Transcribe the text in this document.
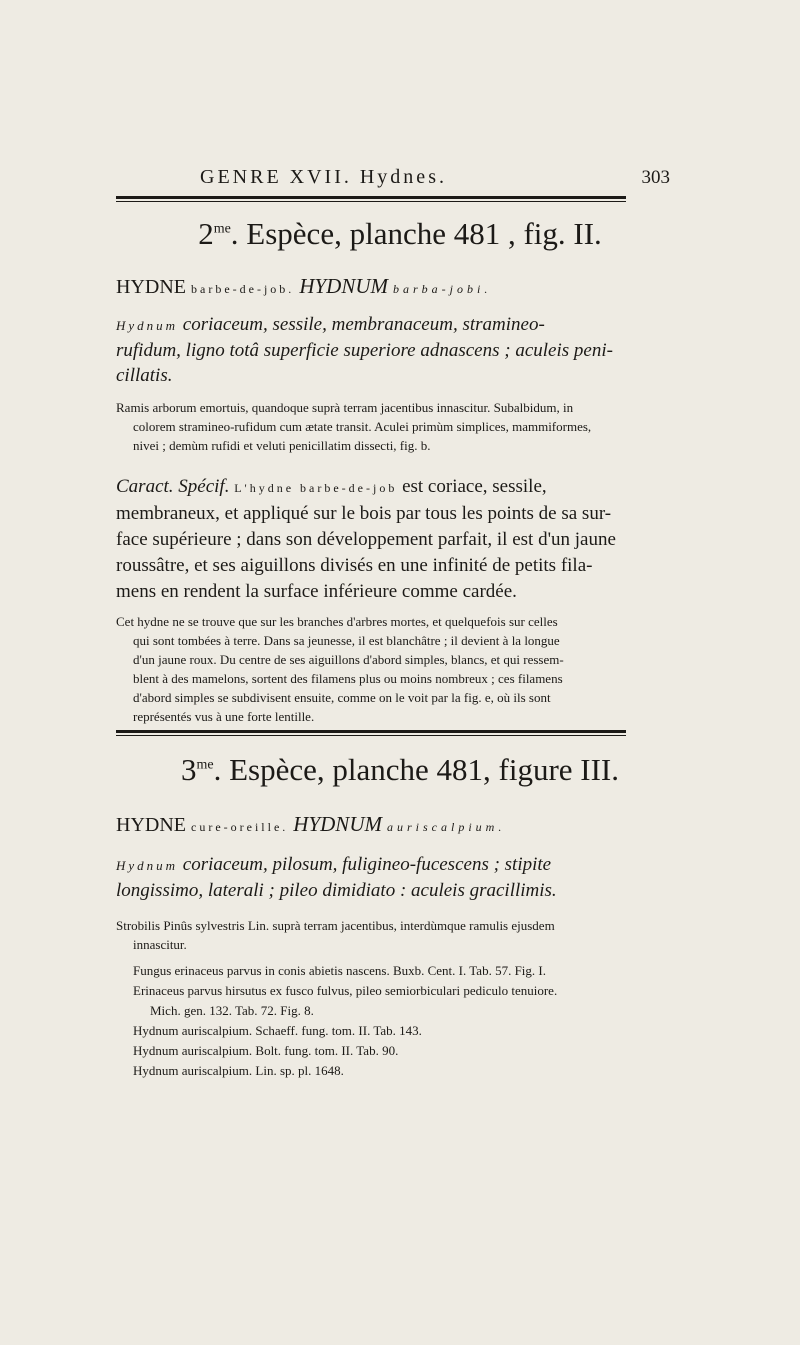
GENRE XVII. Hydnes.	303
$2^{me}$. Espèce, planche 481 , fig. II.
HYDNE barbe-de-job. HYDNUM barba-jobi.
Hydnum coriaceum, sessile, membranaceum, stramineo-
rufidum, ligno totâ superficie superiore adnascens ; aculeis peni-
cillatis.

Ramis arborum emortuis, quandoque suprà terram jacentibus innascitur. Subalbidum, in

colorem stramineo-rufidum cum ætate transit. Aculei primùm simplices, mammiformes,

nivei ; demùm rufidi et veluti penicillatim dissecti, fig. b.

Caract. Spécif. L'hydne barbe-de-job est coriace, sessile,
membraneux, et appliqué sur le bois par tous les points de sa sur-
face supérieure ; dans son développement parfait, il est d'un jaune
roussâtre, et ses aiguillons divisés en une infinité de petits fila-
mens en rendent la surface inférieure comme cardée.

Cet hydne ne se trouve que sur les branches d'arbres mortes, et quelquefois sur celles

qui sont tombées à terre. Dans sa jeunesse, il est blanchâtre ; il devient à la longue

d'un jaune roux. Du centre de ses aiguillons d'abord simples, blancs, et qui ressem-

blent à des mamelons, sortent des filamens plus ou moins nombreux ; ces filamens

d'abord simples se subdivisent ensuite, comme on le voit par la fig. e, où ils sont

représentés vus à une forte lentille.

$3^{me}$. Espèce, planche 481, figure III.
HYDNE cure-oreille. HYDNUM auriscalpium.
Hydnum coriaceum, pilosum, fuligineo-fucescens ; stipite
longissimo, laterali ; pileo dimidiato : aculeis gracillimis.

Strobilis Pinûs sylvestris Lin. suprà terram jacentibus, interdùmque ramulis ejusdem

innascitur.

Fungus erinaceus parvus in conis abietis nascens. Buxb. Cent. I. Tab. 57. Fig. I.

Erinaceus parvus hirsutus ex fusco fulvus, pileo semiorbiculari pediculo tenuiore.

Mich. gen. 132. Tab. 72. Fig. 8.

Hydnum auriscalpium. Schaeff. fung. tom. II. Tab. 143.

Hydnum auriscalpium. Bolt. fung. tom. II. Tab. 90.

Hydnum auriscalpium. Lin. sp. pl. 1648.
